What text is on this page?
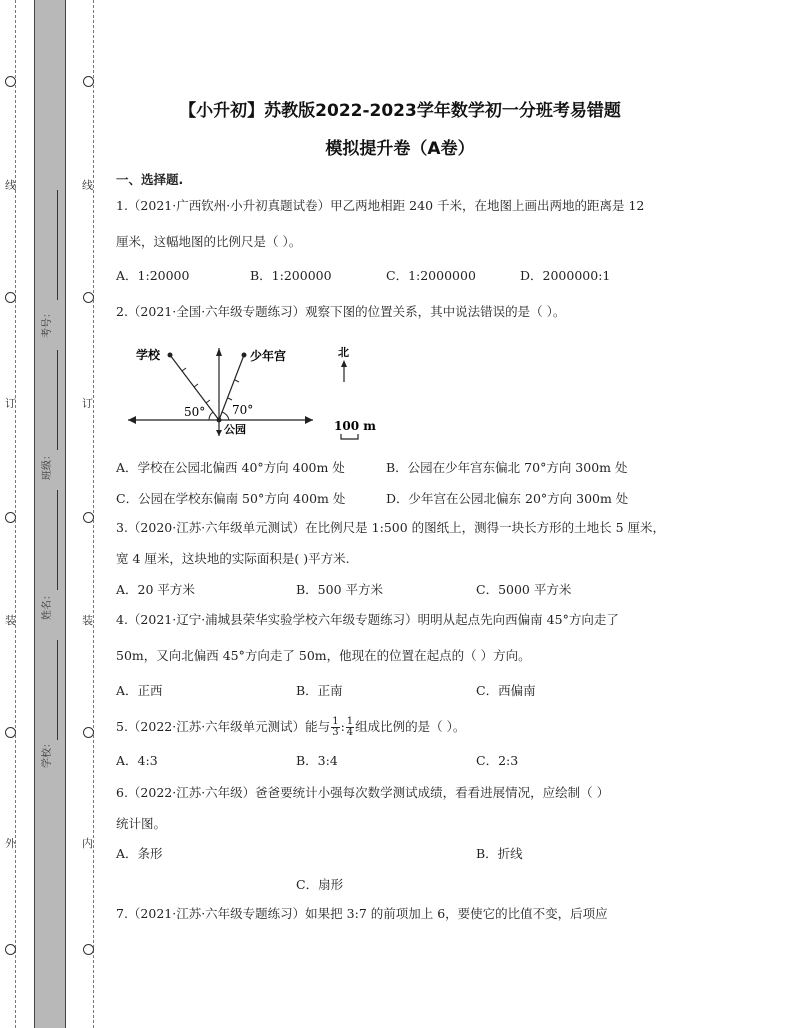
线
订
装
外
线
订
装
内
考号：
班级：
姓名：
学校：
【小升初】苏教版2022-2023学年数学初一分班考易错题
模拟提升卷（A卷）
一、选择题.
1.（2021·广西钦州·小升初真题试卷）甲乙两地相距 240 千米，在地图上画出两地的距离是 12
厘米，这幅地图的比例尺是（ ）。
A．1:20000	B．1:200000	C．1:2000000	D．2000000:1
2.（2021·全国·六年级专题练习）观察下图的位置关系，其中说法错误的是（ ）。
学校	少年宫
公园
50° 70°
北
100 m
A．学校在公园北偏西 40°方向 400m 处	B．公园在少年宫东偏北 70°方向 300m 处
C．公园在学校东偏南 50°方向 400m 处	D．少年宫在公园北偏东 20°方向 300m 处
3.（2020·江苏·六年级单元测试）在比例尺是 1:500 的图纸上，测得一块长方形的土地长 5 厘米，
宽 4 厘米，这块地的实际面积是( )平方米.
A．20 平方米	B．500 平方米	C．5000 平方米
4.（2021·辽宁·浦城县荣华实验学校六年级专题练习）明明从起点先向西偏南 45°方向走了
50m，又向北偏西 45°方向走了 50m，他现在的位置在起点的（ ）方向。
A．正西	B．正南	C．西偏南
5.（2022·江苏·六年级单元测试）能与 $\frac{1}{3}$ : $\frac{1}{4}$ 组成比例的是（ ）。
A．4:3	B．3:4	C．2:3
6.（2022·江苏·六年级）爸爸要统计小强每次数学测试成绩，看看进展情况，应绘制（ ）
统计图。
A．条形	B．折线
C．扇形
7.（2021·江苏·六年级专题练习）如果把 3:7 的前项加上 6，要使它的比值不变，后项应
